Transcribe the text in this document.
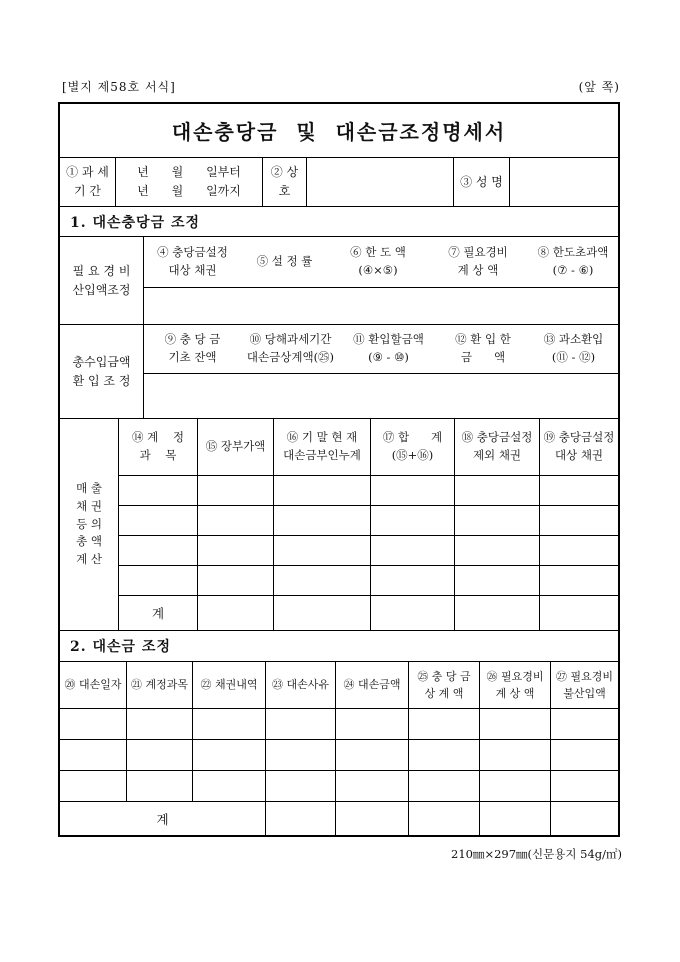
[별지 제58호 서식]	(앞 쪽)
대손충당금  및  대손금조정명세서
① 과 세
기 간
년      월      일부터
년      월      일까지
② 상
호
③ 성 명
1. 대손충당금 조정
필 요 경 비
산입액조정
④ 충당금설정
대상 채권
⑤ 설 정 률
⑥ 한 도 액
(④×⑤)
⑦ 필요경비
계 상 액
⑧ 한도초과액
(⑦ - ⑥)
총수입금액
환 입 조 정
⑨ 충 당 금
기초 잔액
⑩ 당해과세기간
대손금상계액(㉕)
⑪ 환입할금액
(⑨ - ⑩)
⑫ 환 입 한
금      액
⑬ 과소환입
(⑪ - ⑫)
매 출
채 권
등 의
총 액
계 산
⑭ 계    정
과    목
⑮ 장부가액
⑯ 기 말 현 재
대손금부인누계
⑰ 합      계
(⑮+⑯)
⑱ 충당금설정
제외 채권
⑲ 충당금설정
대상 채권
계
2. 대손금 조정
⑳ 대손일자 ㉑ 계정과목 ㉒ 채권내역 ㉓ 대손사유 ㉔ 대손금액
㉕ 충 당 금
상 계 액
㉖ 필요경비
계 상 액
㉗ 필요경비
불산입액
계
210㎜×297㎜(신문용지 54g/㎡)
